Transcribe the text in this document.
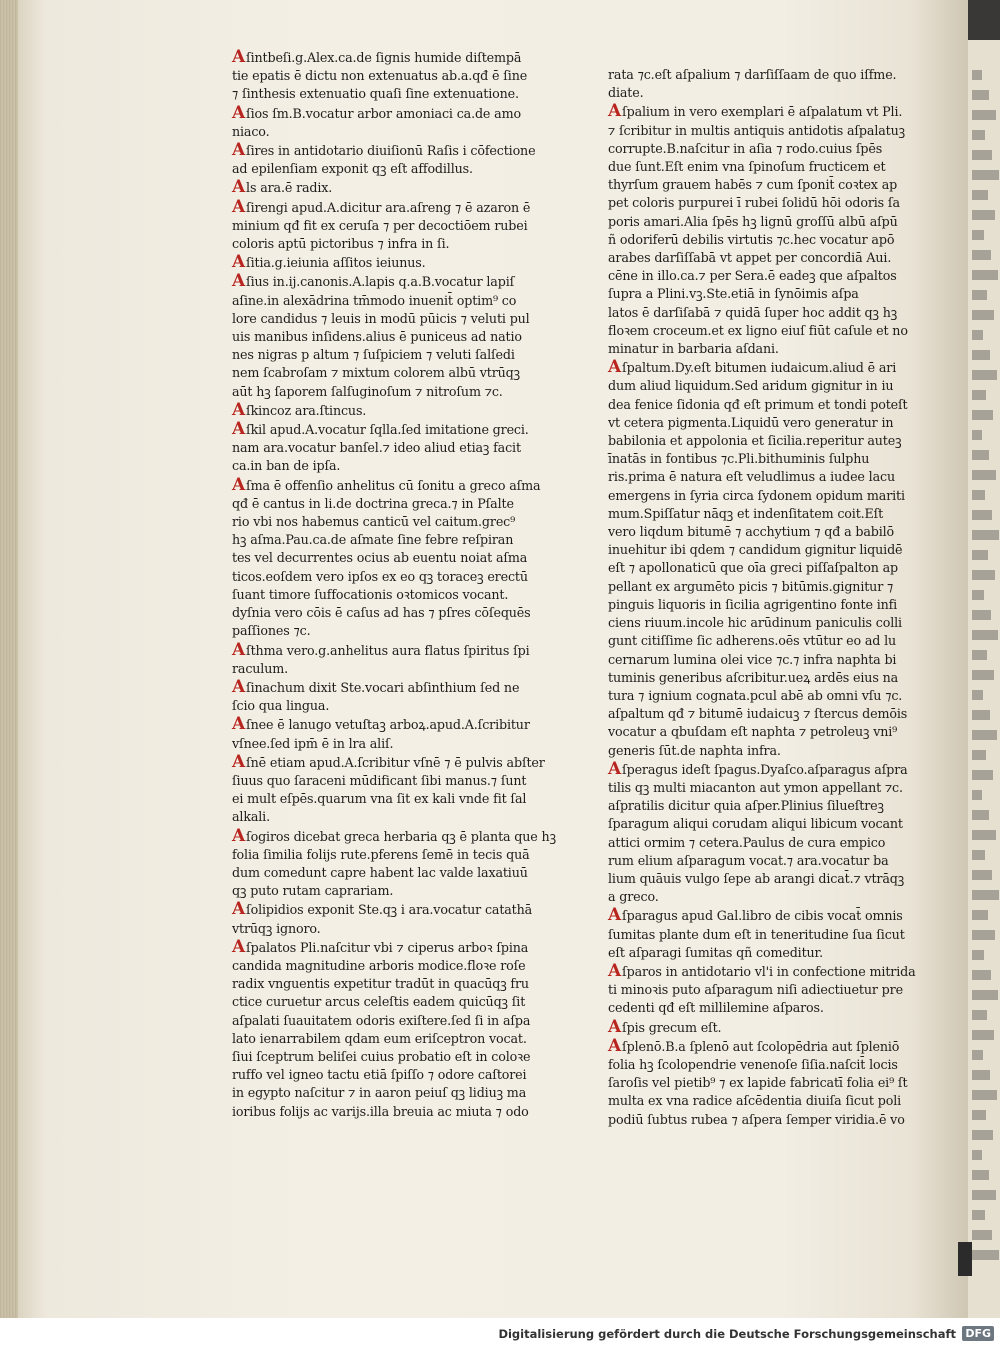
Aſintbeſi.g.Alex.ca.de ſignis humide diſtempā
tie epatis ē dictu non extenuatus ab.a.qđ ē ſine
⁊ ſinthesis extenuatio quaſi ſine extenuatione.
Aſios ſm.B.vocatur arbor amoniaci ca.de amo
niaco.
Aſires in antidotario diuiſionū Raſis i cōfectione
ad epilenſiam exponit qꝫ eſt affodillus.
Als ara.ē radix.
Aſirengi apud.A.dicitur ara.aſreng ⁊ ē azaron ē
minium qđ fit ex ceruſa ⁊ per decoctiōem rubei
coloris aptū pictoribus ⁊ infra in ſi.
Aſitia.g.ieiunia aſſitos ieiunus.
Aſius in.ij.canonis.A.lapis q.a.B.vocatur lapiſ
aſine.in alexādrina tm̄modo inuenit̄ optim⁹ co
lore candidus ⁊ leuis in modū pūicis ⁊ veluti pul
uis manibus inſidens.alius ē puniceus ad natio
nes nigras p altum ⁊ ſuſpiciem ⁊ veluti ſalſedi
nem ſcabroſam ⁊ mixtum colorem albū vtrūqꝫ
aūt hꝫ ſaporem ſalſuginoſum ⁊ nitroſum ⁊c.
Aſkincoz ara.ſtincus.
Aſkil apud.A.vocatur ſqlla.ſed imitatione greci.
nam ara.vocatur banſel.⁊ ideo aliud etiaꝫ facit
ca.in ban de ipſa.
Aſma ē offenſio anhelitus cū ſonitu a greco aſma
qđ ē cantus in li.de doctrina greca.⁊ in Pſalte
rio vbi nos habemus canticū vel caitum.grec⁹
hꝫ aſma.Pau.ca.de aſmate ſine febre reſpiran
tes vel decurrentes ocius ab euentu noiat aſma
ticos.eoſdem vero ipſos ex eo qꝫ toraceꝫ erectū
ſuant timore ſuffocationis oꝛtomicos vocant.
dyſnia vero cōis ē caſus ad has ⁊ pſres cōſequēs
paſſiones ⁊c.
Aſthma vero.g.anhelitus aura flatus ſpiritus ſpi
raculum.
Aſinachum dixit Ste.vocari abſinthium ſed ne
ſcio qua lingua.
Aſnee ē lanugo vetuſtaꝫ arboꝝ.apud.A.ſcribitur
vſnee.ſed ipm̄ ē in lra aliſ.
Aſnē etiam apud.A.ſcribitur vſnē ⁊ ē pulvis abſter
ſiuus quo ſaraceni mūdificant ſibi manus.⁊ ſunt
ei mult eſpēs.quarum vna ſit ex kali vnde fit ſal
alkali.
Aſogiros dicebat greca herbaria qꝫ ē planta que hꝫ
folia ſimilia folijs rute.pferens ſemē in tecis quā
dum comedunt capre habent lac valde laxatiuū
qꝫ puto rutam caprariam.
Aſolipidios exponit Ste.qꝫ i ara.vocatur catathā
vtrūqꝫ ignoro.
Aſpalatos Pli.naſcitur vbi ⁊ ciperus arboꝛ ſpina
candida magnitudine arboris modice.floꝛe roſe
radix vnguentis expetitur tradūt in quacūqꝫ fru
ctice curuetur arcus celeſtis eadem quicūqꝫ ſit
aſpalati ſuauitatem odoris exiſtere.ſed ſi in aſpa
lato ienarrabilem qdam eum eriſceptron vocat.
ſiui ſceptrum beliſei cuius probatio eſt in coloꝛe
ruffo vel igneo tactu etiā ſpiſſo ⁊ odore caſtorei
in egypto naſcitur ⁊ in aaron peiuſ qꝫ lidiuꝫ ma
ioribus folijs ac varijs.illa breuia ac miuta ⁊ odo
rata ⁊c.eſt aſpalium ⁊ darſiſſaam de quo iſfme.
diate.
Aſpalium in vero exemplari ē aſpalatum vt Pli.
⁊ ſcribitur in multis antiquis antidotis aſpalatuꝫ
corrupte.B.naſcitur in aſia ⁊ rodo.cuius ſpēs
due ſunt.Eſt enim vna ſpinoſum fructicem et
thyrſum grauem habēs ⁊ cum ſponit̄ coꝛtex ap
pet coloris purpurei ī rubei ſolidū hōi odoris ſa
poris amari.Alia ſpēs hꝫ lignū groſſū albū aſpū
ñ odoriferū debilis virtutis ⁊c.hec vocatur apō
arabes darſiſſabā vt appet per concordiā Aui.
cēne in illo.ca.⁊ per Sera.ē eadeꝫ que aſpaltos
ſupra a Plini.vꝫ.Ste.etiā in ſynōimis aſpa
latos ē darſiſabā ⁊ quidā ſuper hoc addit qꝫ hꝫ
floꝛem croceum.et ex ligno eiuſ fiūt caſule et no
minatur in barbaria aſdani.
Aſpaltum.Dy.eſt bitumen iudaicum.aliud ē ari
dum aliud liquidum.Sed aridum gignitur in iu
dea fenice ſidonia qđ eſt primum et tondi poteſt
vt cetera pigmenta.Liquidū vero generatur in
babilonia et appolonia et ſicilia.reperitur auteꝫ
īnatās in fontibus ⁊c.Pli.bithuminis ſulphu
ris.prima ē natura eſt veludlimus a iudee lacu
emergens in ſyria circa ſydonem opidum mariti
mum.Spiſſatur nāqꝫ et indenſitatem coit.Eſt
vero liqdum bitumē ⁊ acchytium ⁊ qđ a babilō
inuehitur ibi qdem ⁊ candidum gignitur liquidē
eſt ⁊ apollonaticū que oīa greci piſſaſpalton ap
pellant ex argumēto picis ⁊ bitūmis.gignitur ⁊
pinguis liquoris in ſicilia agrigentino fonte infi
ciens riuum.incole hic arūdinum paniculis colli
gunt citiſſime ſic adherens.oēs vtūtur eo ad lu
cernarum lumina olei vice ⁊c.⁊ infra naphta bi
tuminis generibus aſcribitur.ueꝝ ardēs eius na
tura ⁊ ignium cognata.pcul abē ab omni vſu ⁊c.
aſpaltum qđ ⁊ bitumē iudaicuꝫ ⁊ ſtercus demōis
vocatur a qbuſdam eſt naphta ⁊ petroleuꝫ vni⁹
generis ſūt.de naphta infra.
Aſperagus ideſt ſpagus.Dyaſco.aſparagus aſpra
tilis qꝫ multi miacanton aut ymon appellant ⁊c.
aſpratilis dicitur quia aſper.Plinius ſilueſtreꝫ
ſparagum aliqui corudam aliqui libicum vocant
attici ormim ⁊ cetera.Paulus de cura empico
rum elium aſparagum vocat.⁊ ara.vocatur ba
lium quāuis vulgo ſepe ab arangi dicat̄.⁊ vtrāqꝫ
a greco.
Aſparagus apud Gal.libro de cibis vocat̄ omnis
ſumitas plante dum eſt in teneritudine ſua ſicut
eſt aſparagi ſumitas qñ comeditur.
Aſparos in antidotario vl'i in confectione mitrida
ti minoꝛis puto aſparagum niſi adiectiuetur pre
cedenti qđ eſt millilemine aſparos.
Aſpis grecum eſt.
Aſplenō.B.a ſplenō aut ſcolopēdria aut ſpleniō
folia hꝫ ſcolopendrie venenoſe ſiſia.naſcit̄ locis
ſaroſis vel pietib⁹ ⁊ ex lapide fabricatī folia ei⁹ ſt
multa ex vna radice aſcēdentia diuiſa ſicut poli
podiū ſubtus rubea ⁊ aſpera ſemper viridia.ē vo
Digitalisierung gefördert durch die Deutsche Forschungsgemeinschaft DFG
